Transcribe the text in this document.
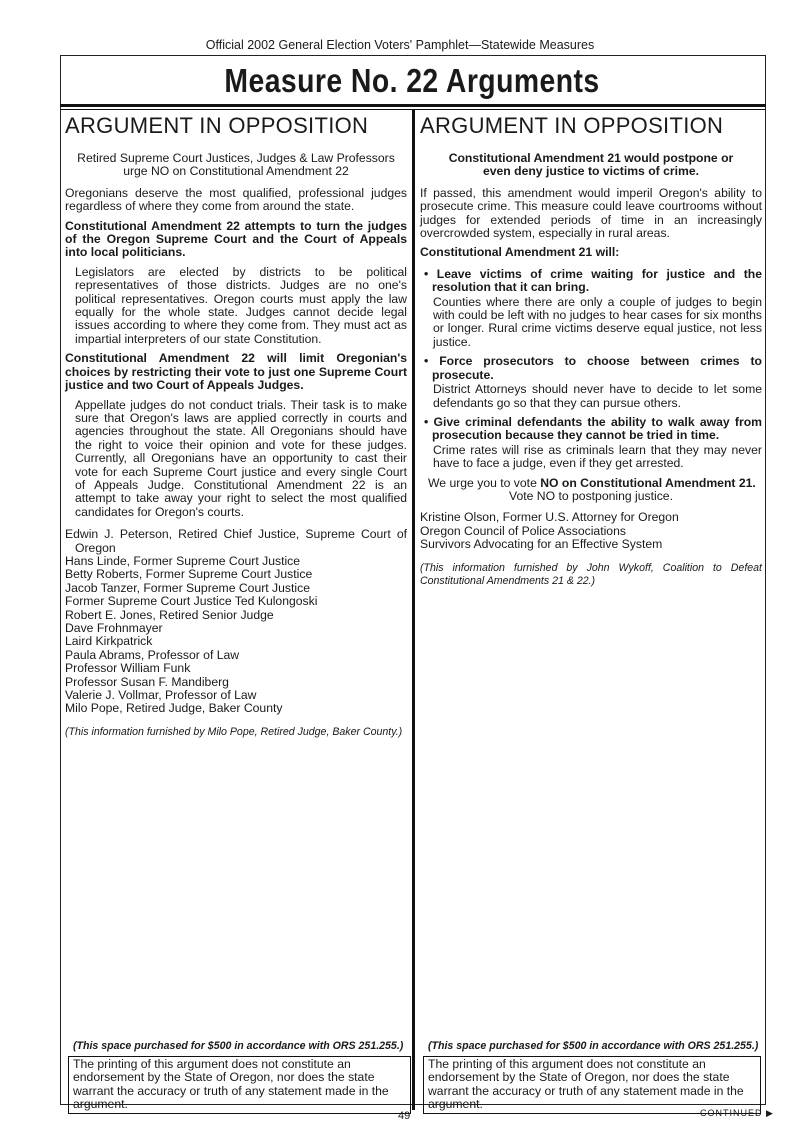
Official 2002 General Election Voters' Pamphlet—Statewide Measures
Measure No. 22 Arguments
ARGUMENT IN OPPOSITION
Retired Supreme Court Justices, Judges & Law Professors
urge NO on Constitutional Amendment 22

Oregonians deserve the most qualified, professional judges regardless of where they come from around the state.

Constitutional Amendment 22 attempts to turn the judges of the Oregon Supreme Court and the Court of Appeals into local politicians.

Legislators are elected by districts to be political representatives of those districts. Judges are no one's political representatives. Oregon courts must apply the law equally for the whole state. Judges cannot decide legal issues according to where they come from. They must act as impartial interpreters of our state Constitution.

Constitutional Amendment 22 will limit Oregonian's choices by restricting their vote to just one Supreme Court justice and two Court of Appeals Judges.

Appellate judges do not conduct trials. Their task is to make sure that Oregon's laws are applied correctly in courts and agencies throughout the state. All Oregonians should have the right to voice their opinion and vote for these judges. Currently, all Oregonians have an opportunity to cast their vote for each Supreme Court justice and every single Court of Appeals Judge. Constitutional Amendment 22 is an attempt to take away your right to select the most qualified candidates for Oregon's courts.

Edwin J. Peterson, Retired Chief Justice, Supreme Court of Oregon
Hans Linde, Former Supreme Court Justice
Betty Roberts, Former Supreme Court Justice
Jacob Tanzer, Former Supreme Court Justice
Former Supreme Court Justice Ted Kulongoski
Robert E. Jones, Retired Senior Judge
Dave Frohnmayer
Laird Kirkpatrick
Paula Abrams, Professor of Law
Professor William Funk
Professor Susan F. Mandiberg
Valerie J. Vollmar, Professor of Law
Milo Pope, Retired Judge, Baker County
(This information furnished by Milo Pope, Retired Judge, Baker County.)
ARGUMENT IN OPPOSITION
Constitutional Amendment 21 would postpone or
even deny justice to victims of crime.

If passed, this amendment would imperil Oregon's ability to prosecute crime. This measure could leave courtrooms without judges for extended periods of time in an increasingly overcrowded system, especially in rural areas.

Constitutional Amendment 21 will:

• Leave victims of crime waiting for justice and the resolution that it can bring.
Counties where there are only a couple of judges to begin with could be left with no judges to hear cases for six months or longer. Rural crime victims deserve equal justice, not less justice.
• Force prosecutors to choose between crimes to prosecute.
District Attorneys should never have to decide to let some defendants go so that they can pursue others.
• Give criminal defendants the ability to walk away from prosecution because they cannot be tried in time.
Crime rates will rise as criminals learn that they may never have to face a judge, even if they get arrested.
We urge you to vote NO on Constitutional Amendment 21.
Vote NO to postponing justice.
Kristine Olson, Former U.S. Attorney for Oregon
Oregon Council of Police Associations
Survivors Advocating for an Effective System
(This information furnished by John Wykoff, Coalition to Defeat Constitutional Amendments 21 & 22.)
(This space purchased for $500 in accordance with ORS 251.255.)
The printing of this argument does not constitute an endorsement by the State of Oregon, nor does the state warrant the accuracy or truth of any statement made in the argument.
(This space purchased for $500 in accordance with ORS 251.255.)
The printing of this argument does not constitute an endorsement by the State of Oregon, nor does the state warrant the accuracy or truth of any statement made in the argument.
49	CONTINUED ▶
